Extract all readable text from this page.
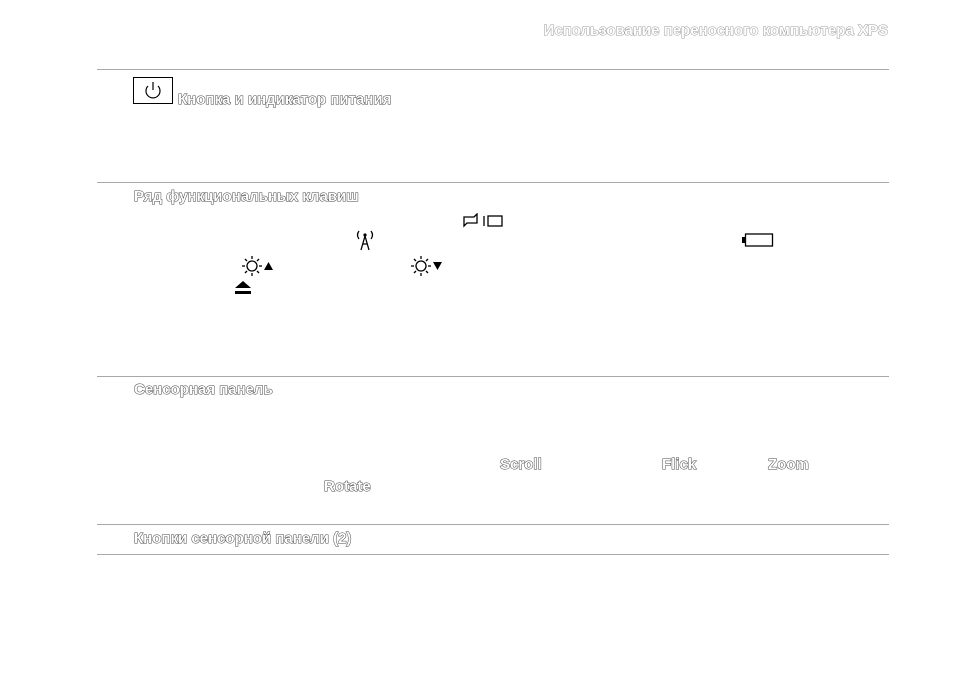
Использование переносного компьютера XPS
Кнопка и индикатор питания
Ряд функциональных клавиш
Сенсорная панель
Scroll	Flick	Zoom
Rotate
Кнопки сенсорной панели (2)
